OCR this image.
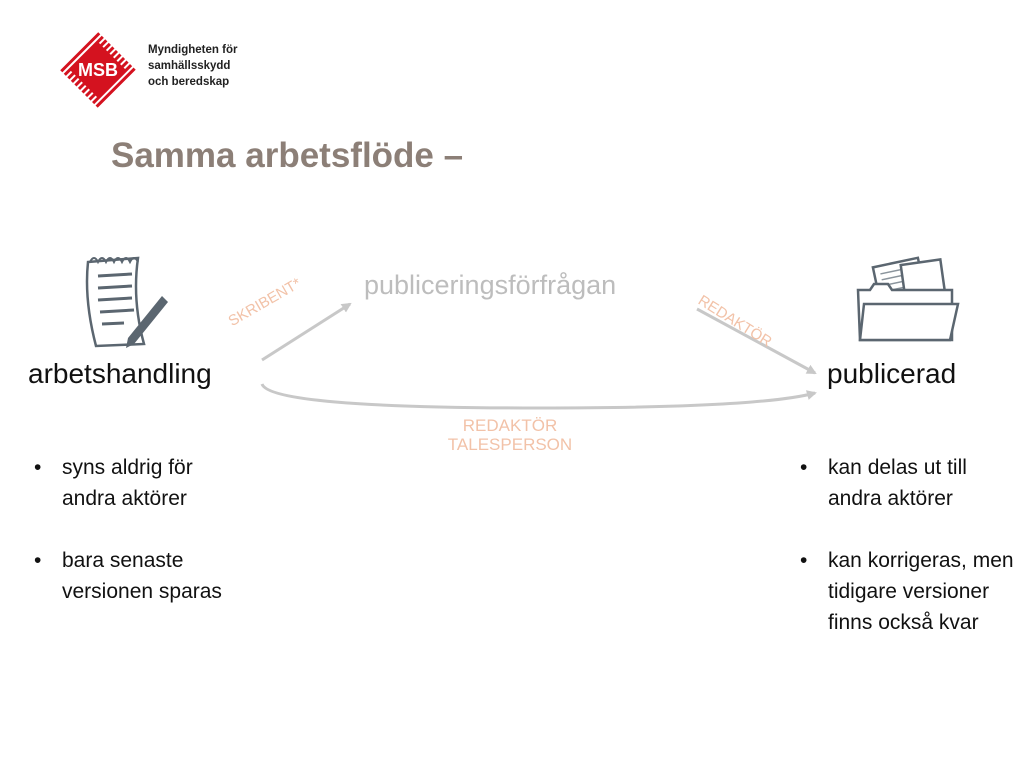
MSB
Myndigheten för
samhällsskydd
och beredskap
Samma arbetsflöde –
arbetshandling	publicerad
publiceringsförfrågan
SKRIBENT*	REDAKTÖR
REDAKTÖR
TALESPERSON
• syns aldrig för andra aktörer
• bara senaste versionen sparas
• kan delas ut till andra aktörer
• kan korrigeras, men tidigare versioner finns också kvar
